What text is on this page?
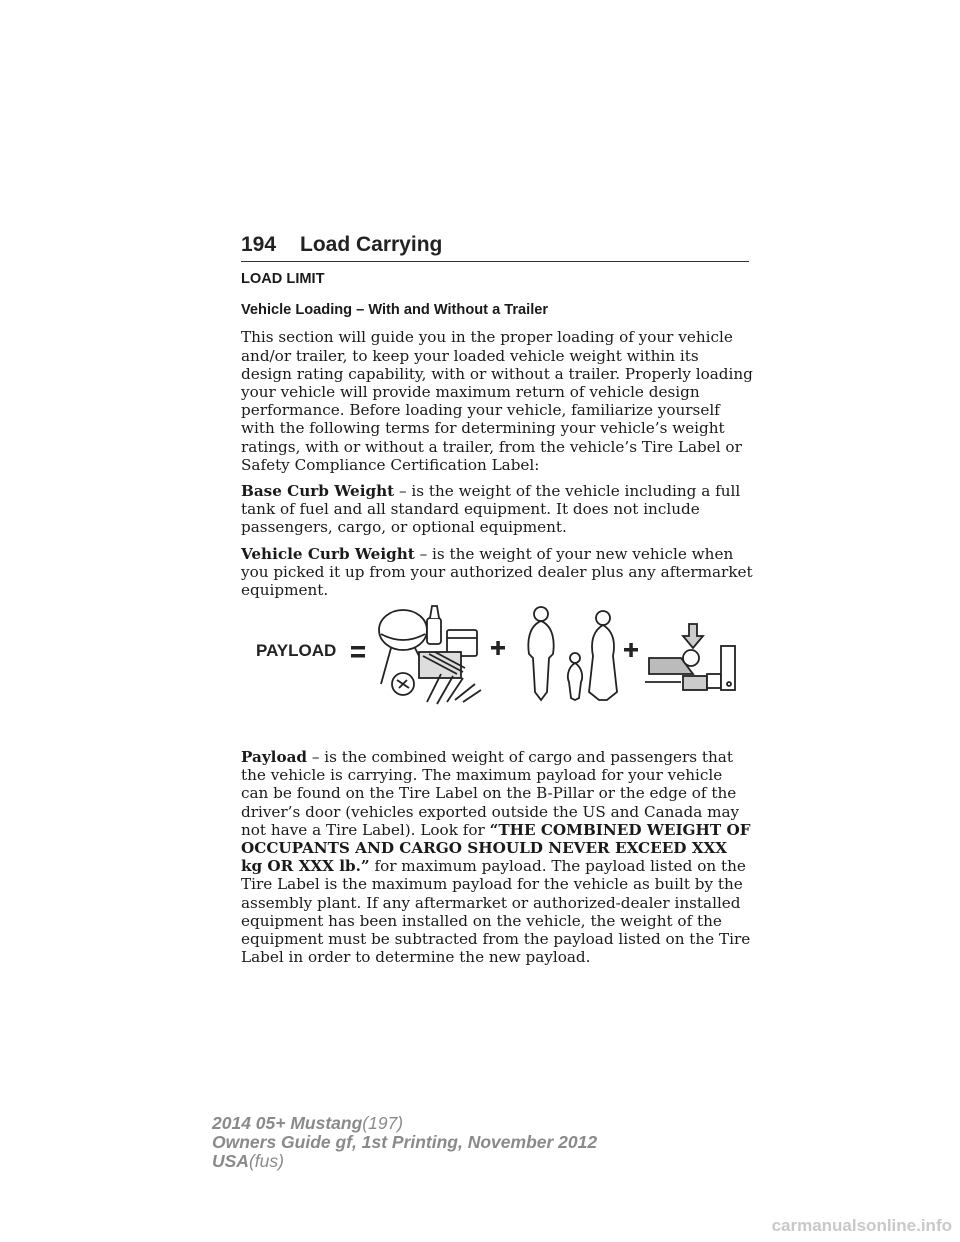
194 Load Carrying
LOAD LIMIT
Vehicle Loading – With and Without a Trailer

This section will guide you in the proper loading of your vehicle and/or trailer, to keep your loaded vehicle weight within its design rating capability, with or without a trailer. Properly loading your vehicle will provide maximum return of vehicle design performance. Before loading your vehicle, familiarize yourself with the following terms for determining your vehicle’s weight ratings, with or without a trailer, from the vehicle’s Tire Label or Safety Compliance Certification Label:

Base Curb Weight – is the weight of the vehicle including a full tank of fuel and all standard equipment. It does not include passengers, cargo, or optional equipment.

Vehicle Curb Weight – is the weight of your new vehicle when you picked it up from your authorized dealer plus any aftermarket equipment.

PAYLOAD

Payload – is the combined weight of cargo and passengers that the vehicle is carrying. The maximum payload for your vehicle can be found on the Tire Label on the B-Pillar or the edge of the driver’s door (vehicles exported outside the US and Canada may not have a Tire Label). Look for “THE COMBINED WEIGHT OF OCCUPANTS AND CARGO SHOULD NEVER EXCEED XXX kg OR XXX lb.” for maximum payload. The payload listed on the Tire Label is the maximum payload for the vehicle as built by the assembly plant. If any aftermarket or authorized-dealer installed equipment has been installed on the vehicle, the weight of the equipment must be subtracted from the payload listed on the Tire Label in order to determine the new payload.

2014 05+ Mustang(197)
Owners Guide gf, 1st Printing, November 2012
USA(fus)
carmanualsonline.info
